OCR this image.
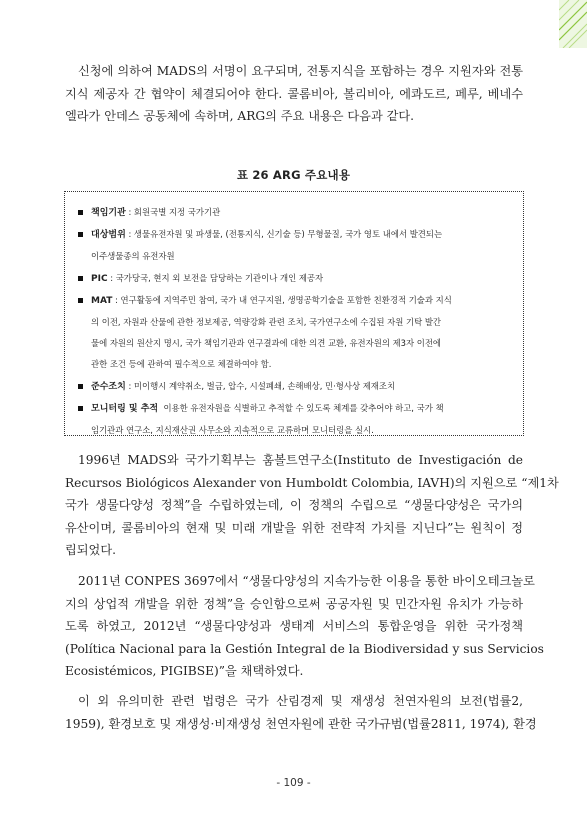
신청에 의하여 MADS의 서명이 요구되며, 전통지식을 포함하는 경우 지원자와 전통
지식 제공자 간 협약이 체결되어야 한다. 콜롬비아, 볼리비아, 에콰도르, 페루, 베네수
엘라가 안데스 공동체에 속하며, ARG의 주요 내용은 다음과 같다.

표 26 ARG 주요내용
책임기관 : 회원국별 지정 국가기관
대상범위 : 생물유전자원 및 파생물, (전통지식, 신기술 등) 무형물질, 국가 영토 내에서 발견되는
이주생물종의 유전자원
PIC : 국가당국, 현지 외 보전을 담당하는 기관이나 개인 제공자
MAT : 연구활동에 지역주민 참여, 국가 내 연구지원, 생명공학기술을 포함한 친환경적 기술과 지식
의 이전, 자원과 산물에 관한 정보제공, 역량강화 관련 조치, 국가연구소에 수집된 자원 기탁 발간
물에 자원의 원산지 명시, 국가 책임기관과 연구결과에 대한 의견 교환, 유전자원의 제3자 이전에
관한 조건 등에 관하여 필수적으로 체결하여야 함.
준수조치 : 미이행시 계약취소, 벌금, 압수, 시설폐쇄, 손해배상, 민·형사상 제재조치
모니터링 및 추적 이용한 유전자원을 식별하고 추적할 수 있도록 체계를 갖추어야 하고, 국가 책
임기관과 연구소, 지식재산권 사무소와 지속적으로 교류하며 모니터링을 실시.

1996년 MADS와 국가기획부는 훔볼트연구소(Instituto de Investigación de
Recursos Biológicos Alexander von Humboldt Colombia, IAVH)의 지원으로 “제1차
국가 생물다양성 정책”을 수립하였는데, 이 정책의 수립으로 “생물다양성은 국가의
유산이며, 콜롬비아의 현재 및 미래 개발을 위한 전략적 가치를 지닌다”는 원칙이 정
립되었다.

2011년 CONPES 3697에서 “생물다양성의 지속가능한 이용을 통한 바이오테크놀로
지의 상업적 개발을 위한 정책”을 승인함으로써 공공자원 및 민간자원 유치가 가능하
도록 하였고, 2012년 “생물다양성과 생태계 서비스의 통합운영을 위한 국가정책
(Política Nacional para la Gestión Integral de la Biodiversidad y sus Servicios
Ecosistémicos, PIGIBSE)”을 채택하였다.

이 외 유의미한 관련 법령은 국가 산림경제 및 재생성 천연자원의 보전(법률2,
1959), 환경보호 및 재생성·비재생성 천연자원에 관한 국가규범(법률2811, 1974), 환경

- 109 -
